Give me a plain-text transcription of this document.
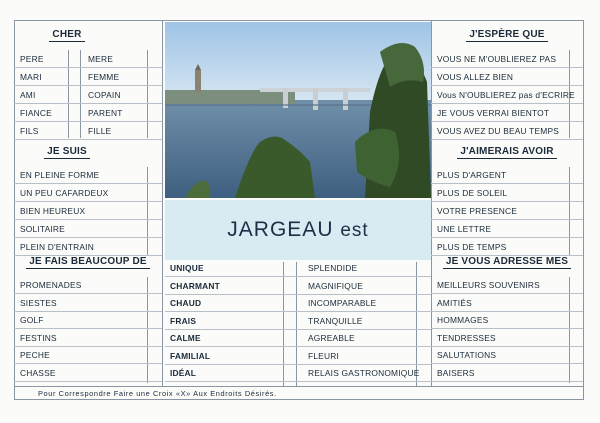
CHER
PERE
MARI
AMI
FIANCE
FILS
MERE
FEMME
COPAIN
PARENT
FILLE
JE SUIS
EN PLEINE FORME
UN PEU CAFARDEUX
BIEN HEUREUX
SOLITAIRE
PLEIN D'ENTRAIN
JE FAIS BEAUCOUP DE
PROMENADES
SIESTES
GOLF
FESTINS
PECHE
CHASSE
JARGEAU est
UNIQUE
CHARMANT
CHAUD
FRAIS
CALME
FAMILIAL
IDÉAL
SPLENDIDE
MAGNIFIQUE
INCOMPARABLE
TRANQUILLE
AGREABLE
FLEURI
RELAIS GASTRONOMIQUE
J'ESPÈRE QUE
VOUS NE M'OUBLIEREZ PAS
VOUS ALLEZ BIEN
Vous N'OUBLIEREZ pas d'ECRIRE
JE VOUS VERRAI BIENTOT
VOUS AVEZ DU BEAU TEMPS
J'AIMERAIS AVOIR
PLUS D'ARGENT
PLUS DE SOLEIL
VOTRE PRESENCE
UNE LETTRE
PLUS DE TEMPS
JE VOUS ADRESSE MES
MEILLEURS SOUVENIRS
AMITIÉS
HOMMAGES
TENDRESSES
SALUTATIONS
BAISERS
Pour Correspondre Faire une Croix «X» Aux Endroits Désirés.
